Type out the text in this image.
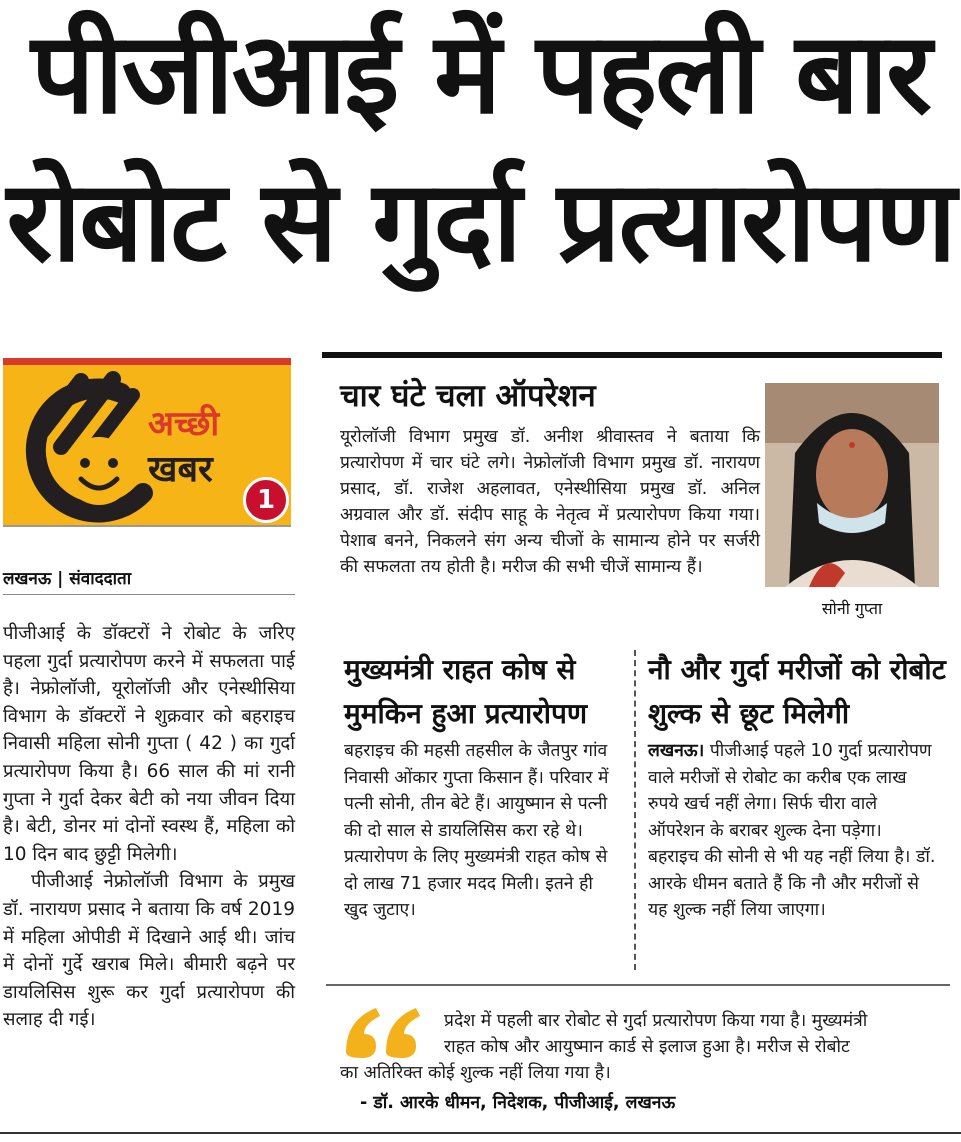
पीजीआई में पहली बार
रोबोट से गुर्दा प्रत्यारोपण
अच्छी
खबर
1
लखनऊ | संवाददाता

पीजीआई के डॉक्टरों ने रोबोट के जरिए पहला गुर्दा प्रत्यारोपण करने में सफलता पाई है। नेफ्रोलॉजी, यूरोलॉजी और एनेस्थीसिया विभाग के डॉक्टरों ने शुक्रवार को बहराइच निवासी महिला सोनी गुप्ता ( 42 ) का गुर्दा प्रत्यारोपण किया है। 66 साल की मां रानी गुप्ता ने गुर्दा देकर बेटी को नया जीवन दिया है। बेटी, डोनर मां दोनों स्वस्थ हैं, महिला को 10 दिन बाद छुट्टी मिलेगी।

पीजीआई नेफ्रोलॉजी विभाग के प्रमुख डॉ. नारायण प्रसाद ने बताया कि वर्ष 2019 में महिला ओपीडी में दिखाने आई थी। जांच में दोनों गुर्दे खराब मिले। बीमारी बढ़ने पर डायलिसिस शुरू कर गुर्दा प्रत्यारोपण की सलाह दी गई।

चार घंटे चला ऑपरेशन
यूरोलॉजी विभाग प्रमुख डॉ. अनीश श्रीवास्तव ने बताया कि प्रत्यारोपण में चार घंटे लगे। नेफ्रोलॉजी विभाग प्रमुख डॉ. नारायण प्रसाद, डॉ. राजेश अहलावत, एनेस्थीसिया प्रमुख डॉ. अनिल अग्रवाल और डॉ. संदीप साहू के नेतृत्व में प्रत्यारोपण किया गया। पेशाब बनने, निकलने संग अन्य चीजों के सामान्य होने पर सर्जरी की सफलता तय होती है। मरीज की सभी चीजें सामान्य हैं।
सोनी गुप्ता
मुख्यमंत्री राहत कोष से मुमकिन हुआ प्रत्यारोपण
बहराइच की महसी तहसील के जैतपुर गांव निवासी ओंकार गुप्ता किसान हैं। परिवार में पत्नी सोनी, तीन बेटे हैं। आयुष्मान से पत्नी की दो साल से डायलिसिस करा रहे थे। प्रत्यारोपण के लिए मुख्यमंत्री राहत कोष से दो लाख 71 हजार मदद मिली। इतने ही खुद जुटाए।
नौ और गुर्दा मरीजों को रोबोट शुल्क से छूट मिलेगी
लखनऊ। पीजीआई पहले 10 गुर्दा प्रत्यारोपण वाले मरीजों से रोबोट का करीब एक लाख रुपये खर्च नहीं लेगा। सिर्फ चीरा वाले ऑपरेशन के बराबर शुल्क देना पड़ेगा। बहराइच की सोनी से भी यह नहीं लिया है। डॉ. आरके धीमन बताते हैं कि नौ और मरीजों से यह शुल्क नहीं लिया जाएगा।
प्रदेश में पहली बार रोबोट से गुर्दा प्रत्यारोपण किया गया है। मुख्यमंत्री
राहत कोष और आयुष्मान कार्ड से इलाज हुआ है। मरीज से रोबोट
का अतिरिक्त कोई शुल्क नहीं लिया गया है।
- डॉ. आरके धीमन, निदेशक, पीजीआई, लखनऊ
